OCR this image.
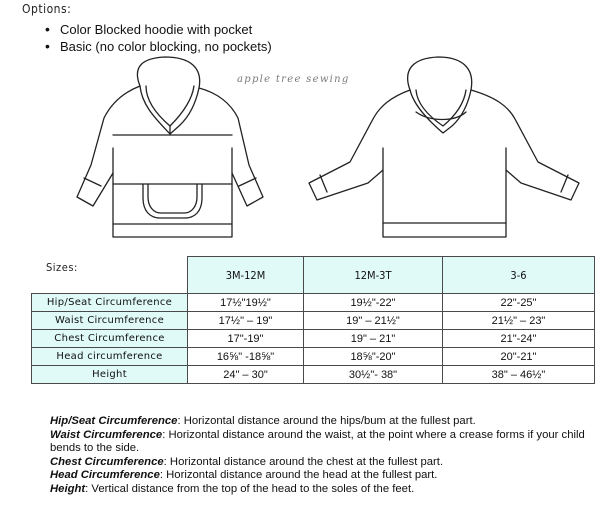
Options:
• Color Blocked hoodie with pocket
• Basic (no color blocking, no pockets)
apple tree sewing
Sizes:
	3M-12M	12M-3T	3-6
Hip/Seat Circumference	17½"19½"	19½"-22"	22"-25"
Waist Circumference	17½" – 19"	19" – 21½"	21½" – 23"
Chest Circumference	17"-19"	19" – 21"	21"-24"
Head circumference	16⅝" -18⅝"	18⅝"-20"	20"-21"
Height	24" – 30"	30½"- 38"	38" – 46½"

Hip/Seat Circumference: Horizontal distance around the hips/bum at the fullest part.

Waist Circumference: Horizontal distance around the waist, at the point where a crease forms if your child bends to the side.

Chest Circumference: Horizontal distance around the chest at the fullest part.

Head Circumference: Horizontal distance around the head at the fullest part.

Height: Vertical distance from the top of the head to the soles of the feet.
